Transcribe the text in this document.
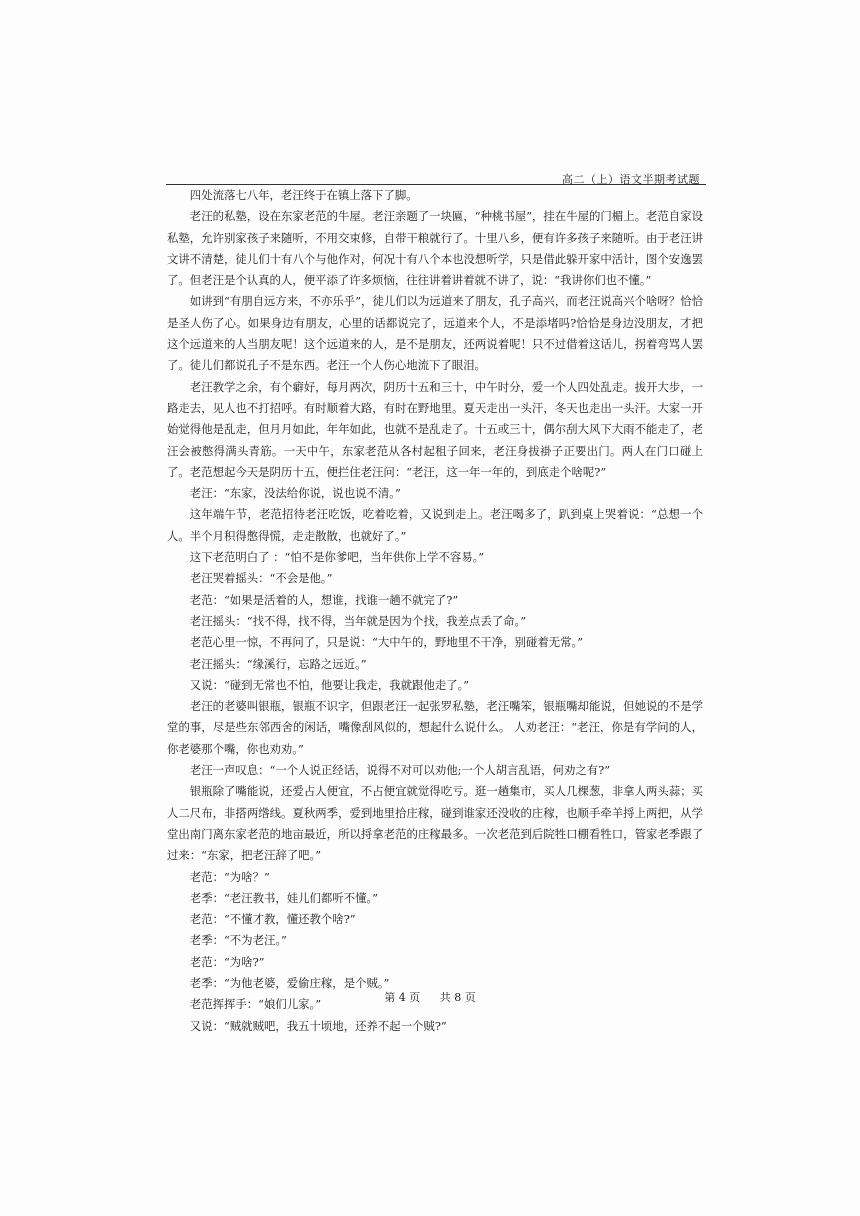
高二（上）语文半期考试题

四处流落七八年，老汪终于在镇上落下了脚。

老汪的私塾，设在东家老范的牛屋。老汪亲题了一块匾，“种桃书屋”，挂在牛屋的门楣上。老范自家设私塾，允许别家孩子来随听，不用交束修，自带干粮就行了。十里八乡，便有许多孩子来随听。由于老汪讲文讲不清楚，徒儿们十有八个与他作对，何况十有八个本也没想听学，只是借此躲开家中活计，图个安逸罢了。但老汪是个认真的人，便平添了许多烦恼，往往讲着讲着就不讲了，说：“我讲你们也不懂。”

如讲到“有朋自远方来，不亦乐乎”，徒儿们以为远道来了朋友，孔子高兴，而老汪说高兴个啥呀？恰恰是圣人伤了心。如果身边有朋友，心里的话都说完了，远道来个人，不是添堵吗?恰恰是身边没朋友，才把这个远道来的人当朋友呢！这个远道来的人，是不是朋友，还两说着呢！只不过借着这话儿，拐着弯骂人罢了。徒儿们都说孔子不是东西。老汪一个人伤心地流下了眼泪。

老汪教学之余，有个癖好，每月两次，阴历十五和三十，中午时分，爱一个人四处乱走。拔开大步，一路走去，见人也不打招呼。有时顺着大路，有时在野地里。夏天走出一头汗，冬天也走出一头汗。大家一开始觉得他是乱走，但月月如此，年年如此，也就不是乱走了。十五或三十，偶尔刮大风下大雨不能走了，老汪会被憋得满头青筋。一天中午，东家老范从各村起租子回来，老汪身拔褂子正要出门。两人在门口碰上了。老范想起今天是阴历十五，便拦住老汪问：“老汪，这一年一年的，到底走个啥呢?”

老汪：“东家，没法给你说，说也说不清。”

这年端午节，老范招待老汪吃饭，吃着吃着，又说到走上。老汪喝多了，趴到桌上哭着说：“总想一个人。半个月积得憋得慌，走走散散，也就好了。”

这下老范明白了 ：“怕不是你爹吧，当年供你上学不容易。”

老汪哭着摇头：“不会是他。”

老范：“如果是活着的人，想谁，找谁一趟不就完了?”

老汪摇头：“找不得，找不得，当年就是因为个找，我差点丢了命。”

老范心里一惊，不再问了，只是说：“大中午的，野地里不干净，别碰着无常。”

老汪摇头：“缘溪行，忘路之远近。”

又说：“碰到无常也不怕，他要让我走，我就跟他走了。”

老汪的老婆叫银瓶，银瓶不识字，但跟老汪一起张罗私塾，老汪嘴笨，银瓶嘴却能说，但她说的不是学堂的事，尽是些东邻西舍的闲话，嘴像刮风似的，想起什么说什么。 人劝老汪：“老汪，你是有学问的人，你老婆那个嘴，你也劝劝。”

老汪一声叹息：“一个人说正经话，说得不对可以劝他;一个人胡言乱语，何劝之有?”

银瓶除了嘴能说，还爱占人便宜，不占便宜就觉得吃亏。逛一趟集市，买人几棵葱，非拿人两头蒜；买人二尺布，非搭两绺线。夏秋两季，爱到地里拾庄稼，碰到谁家还没收的庄稼，也顺手牵羊捋上两把，从学堂出南门离东家老范的地亩最近，所以捋拿老范的庄稼最多。一次老范到后院牲口棚看牲口，管家老季跟了过来：“东家，把老汪辞了吧。”

老范：“为啥？”

老季：“老汪教书，娃儿们都听不懂。”

老范：“不懂才教，懂还教个啥?”

老季：“不为老汪。”

老范：“为啥?”

老季：“为他老婆，爱偷庄稼，是个贼。”

老范挥挥手：“娘们儿家。”

又说：“贼就贼吧，我五十顷地，还养不起一个贼?”

第 4 页 共 8 页
